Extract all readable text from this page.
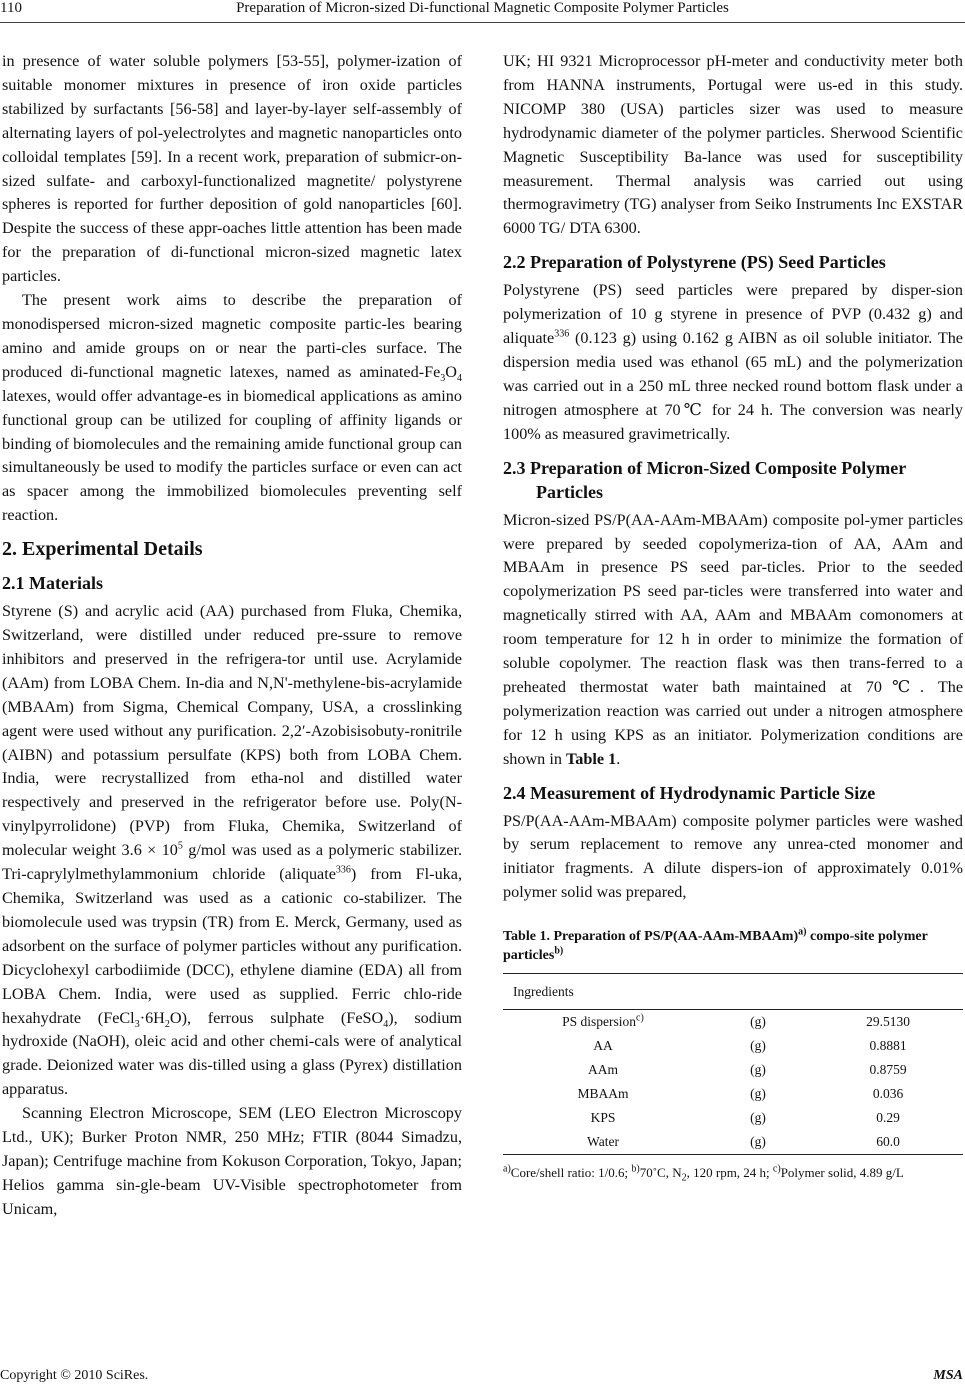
110	Preparation of Micron-sized Di-functional Magnetic Composite Polymer Particles

in presence of water soluble polymers [53-55], polymer-ization of suitable monomer mixtures in presence of iron oxide particles stabilized by surfactants [56-58] and layer-by-layer self-assembly of alternating layers of pol-yelectrolytes and magnetic nanoparticles onto colloidal templates [59]. In a recent work, preparation of submicr-on-sized sulfate- and carboxyl-functionalized magnetite/ polystyrene spheres is reported for further deposition of gold nanoparticles [60]. Despite the success of these appr-oaches little attention has been made for the preparation of di-functional micron-sized magnetic latex particles.

The present work aims to describe the preparation of monodispersed micron-sized magnetic composite partic-les bearing amino and amide groups on or near the parti-cles surface. The produced di-functional magnetic latexes, named as aminated-$Fe_3O_4$ latexes, would offer advantage-es in biomedical applications as amino functional group can be utilized for coupling of affinity ligands or binding of biomolecules and the remaining amide functional group can simultaneously be used to modify the particles surface or even can act as spacer among the immobilized biomolecules preventing self reaction.

2. Experimental Details
2.1 Materials

Styrene (S) and acrylic acid (AA) purchased from Fluka, Chemika, Switzerland, were distilled under reduced pre-ssure to remove inhibitors and preserved in the refrigera-tor until use. Acrylamide (AAm) from LOBA Chem. In-dia and N,N'-methylene-bis-acrylamide (MBAAm) from Sigma, Chemical Company, USA, a crosslinking agent were used without any purification. 2,2′-Azobisisobuty-ronitrile (AIBN) and potassium persulfate (KPS) both from LOBA Chem. India, were recrystallized from etha-nol and distilled water respectively and preserved in the refrigerator before use. Poly(N-vinylpyrrolidone) (PVP) from Fluka, Chemika, Switzerland of molecular weight $3.6 \times 10^5$ g/mol was used as a polymeric stabilizer. Tri-caprylylmethylammonium chloride (aliquate$^{336}$) from Fl-uka, Chemika, Switzerland was used as a cationic co-stabilizer. The biomolecule used was trypsin (TR) from E. Merck, Germany, used as adsorbent on the surface of polymer particles without any purification. Dicyclohexyl carbodiimide (DCC), ethylene diamine (EDA) all from LOBA Chem. India, were used as supplied. Ferric chlo-ride hexahydrate $(FeCl_3\cdot 6H_2O)$, ferrous sulphate (FeSO$_4$), sodium hydroxide (NaOH), oleic acid and other chemi-cals were of analytical grade. Deionized water was dis-tilled using a glass (Pyrex) distillation apparatus.

Scanning Electron Microscope, SEM (LEO Electron Microscopy Ltd., UK); Burker Proton NMR, 250 MHz; FTIR (8044 Simadzu, Japan); Centrifuge machine from Kokuson Corporation, Tokyo, Japan; Helios gamma sin-gle-beam UV-Visible spectrophotometer from Unicam,

UK; HI 9321 Microprocessor pH-meter and conductivity meter both from HANNA instruments, Portugal were us-ed in this study. NICOMP 380 (USA) particles sizer was used to measure hydrodynamic diameter of the polymer particles. Sherwood Scientific Magnetic Susceptibility Ba-lance was used for susceptibility measurement. Thermal analysis was carried out using thermogravimetry (TG) analyser from Seiko Instruments Inc EXSTAR 6000 TG/ DTA 6300.

2.2 Preparation of Polystyrene (PS) Seed Particles

Polystyrene (PS) seed particles were prepared by disper-sion polymerization of 10 g styrene in presence of PVP (0.432 g) and aliquate$^{336}$ (0.123 g) using 0.162 g AIBN as oil soluble initiator. The dispersion media used was ethanol (65 mL) and the polymerization was carried out in a 250 mL three necked round bottom flask under a nitrogen atmosphere at 70℃ for 24 h. The conversion was nearly 100% as measured gravimetrically.

2.3 Preparation of Micron-Sized Composite Polymer Particles

Micron-sized PS/P(AA-AAm-MBAAm) composite pol-ymer particles were prepared by seeded copolymeriza-tion of AA, AAm and MBAAm in presence PS seed par-ticles. Prior to the seeded copolymerization PS seed par-ticles were transferred into water and magnetically stirred with AA, AAm and MBAAm comonomers at room temperature for 12 h in order to minimize the formation of soluble copolymer. The reaction flask was then trans-ferred to a preheated thermostat water bath maintained at 70℃. The polymerization reaction was carried out under a nitrogen atmosphere for 12 h using KPS as an initiator. Polymerization conditions are shown in Table 1.

2.4 Measurement of Hydrodynamic Particle Size

PS/P(AA-AAm-MBAAm) composite polymer particles were washed by serum replacement to remove any unrea-cted monomer and initiator fragments. A dilute dispers-ion of approximately 0.01% polymer solid was prepared,

Table 1. Preparation of PS/P(AA-AAm-MBAAm)$^{a)}$ compo-site polymer particles$^{b)}$
Ingredients		
PS dispersion$^{c)}$	(g)	29.5130
AA	(g)	0.8881
AAm	(g)	0.8759
MBAAm	(g)	0.036
KPS	(g)	0.29
Water	(g)	60.0
$^{a)}$Core/shell ratio: 1/0.6; $^{b)}$70˚C, $N_2$, 120 rpm, 24 h; $^{c)}$Polymer solid, 4.89 g/L
Copyright © 2010 SciRes.	MSA
